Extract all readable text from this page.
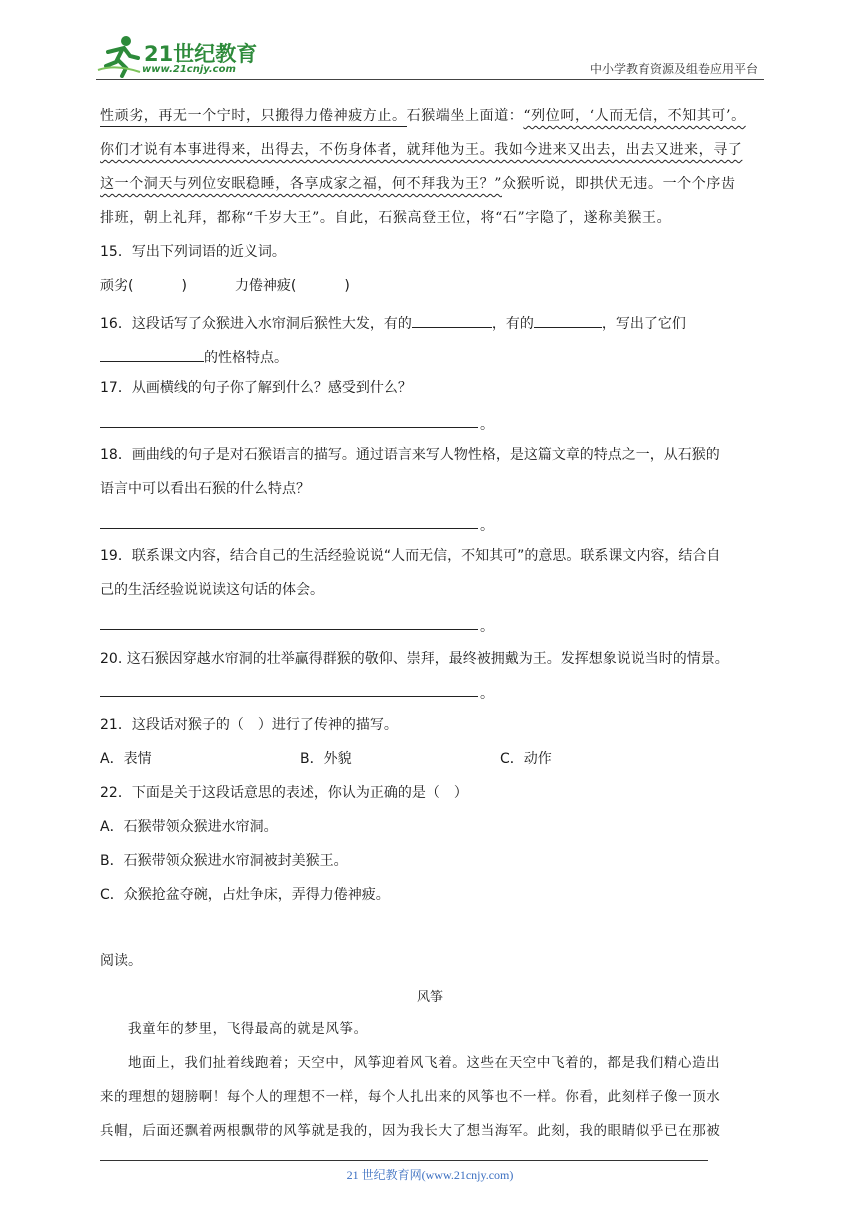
21世纪教育
www.21cnjy.com	中小学教育资源及组卷应用平台
性顽劣，再无一个宁时，只搬得力倦神疲方止。石猴端坐上面道：“列位呵，‘人而无信，不知其可’。
你们才说有本事进得来，出得去，不伤身体者，就拜他为王。我如今进来又出去，出去又进来，寻了
这一个洞天与列位安眠稳睡，各享成家之福，何不拜我为王？”众猴听说，即拱伏无违。一个个序齿
排班，朝上礼拜，都称“千岁大王”。自此，石猴高登王位，将“石”字隐了，遂称美猴王。
15．写出下列词语的近义词。
顽劣(	)	力倦神疲(	)
16．这段话写了众猴进入水帘洞后猴性大发，有的	，有的	，写出了它们
的性格特点。
17．从画横线的句子你了解到什么？感受到什么？
。
18．画曲线的句子是对石猴语言的描写。通过语言来写人物性格，是这篇文章的特点之一，从石猴的
语言中可以看出石猴的什么特点？
。
19．联系课文内容，结合自己的生活经验说说“人而无信，不知其可”的意思。联系课文内容，结合自
己的生活经验说说读这句话的体会。
。
20. 这石猴因穿越水帘洞的壮举赢得群猴的敬仰、崇拜，最终被拥戴为王。发挥想象说说当时的情景。
。
21．这段话对猴子的（　）进行了传神的描写。
A．表情	B．外貌	C．动作
22．下面是关于这段话意思的表述，你认为正确的是（　）
A．石猴带领众猴进水帘洞。
B．石猴带领众猴进水帘洞被封美猴王。
C．众猴抢盆夺碗，占灶争床，弄得力倦神疲。
阅读。
风筝
我童年的梦里，飞得最高的就是风筝。
地面上，我们扯着线跑着；天空中，风筝迎着风飞着。这些在天空中飞着的，都是我们精心造出
来的理想的翅膀啊！每个人的理想不一样，每个人扎出来的风筝也不一样。你看，此刻样子像一顶水
兵帽，后面还飘着两根飘带的风筝就是我的，因为我长大了想当海军。此刻，我的眼睛似乎已在那被
21 世纪教育网(www.21cnjy.com)
